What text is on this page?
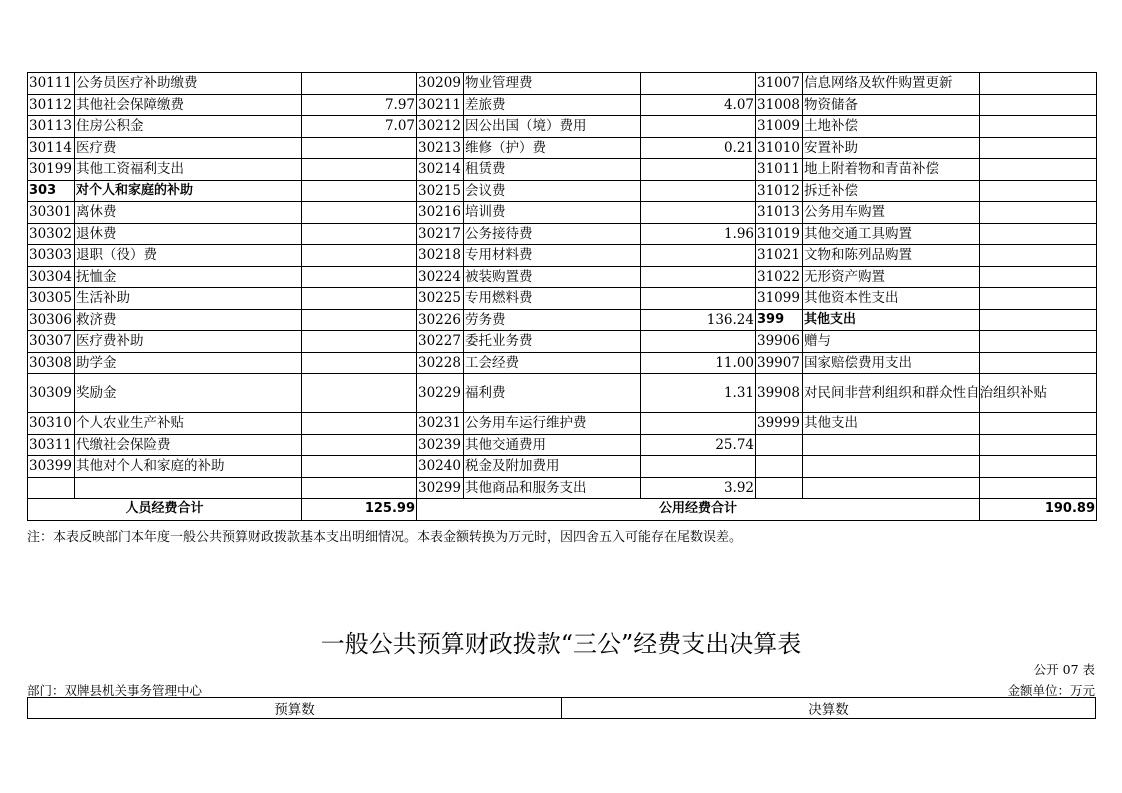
30111	公务员医疗补助缴费		30209	物业管理费		31007	信息网络及软件购置更新	
30112	其他社会保障缴费	7.97	30211	差旅费	4.07	31008	物资储备	
30113	住房公积金	7.07	30212	因公出国（境）费用		31009	土地补偿	
30114	医疗费		30213	维修（护）费	0.21	31010	安置补助	
30199	其他工资福利支出		30214	租赁费		31011	地上附着物和青苗补偿	
303	对个人和家庭的补助		30215	会议费		31012	拆迁补偿	
30301	离休费		30216	培训费		31013	公务用车购置	
30302	退休费		30217	公务接待费	1.96	31019	其他交通工具购置	
30303	退职（役）费		30218	专用材料费		31021	文物和陈列品购置	
30304	抚恤金		30224	被装购置费		31022	无形资产购置	
30305	生活补助		30225	专用燃料费		31099	其他资本性支出	
30306	救济费		30226	劳务费	136.24	399	其他支出	
30307	医疗费补助		30227	委托业务费		39906	赠与	
30308	助学金		30228	工会经费	11.00	39907	国家赔偿费用支出	
30309	奖励金		30229	福利费	1.31	39908	对民间非营利组织和群众性自治组织补贴	
30310	个人农业生产补贴		30231	公务用车运行维护费		39999	其他支出	
30311	代缴社会保险费		30239	其他交通费用	25.74			
30399	其他对个人和家庭的补助		30240	税金及附加费用				
			30299	其他商品和服务支出	3.92			
人员经费合计		125.99	公用经费合计					190.89
注：本表反映部门本年度一般公共预算财政拨款基本支出明细情况。本表金额转换为万元时，因四舍五入可能存在尾数误差。
一般公共预算财政拨款“三公”经费支出决算表
公开 07 表
部门：双牌县机关事务管理中心	金额单位：万元
预算数	决算数
